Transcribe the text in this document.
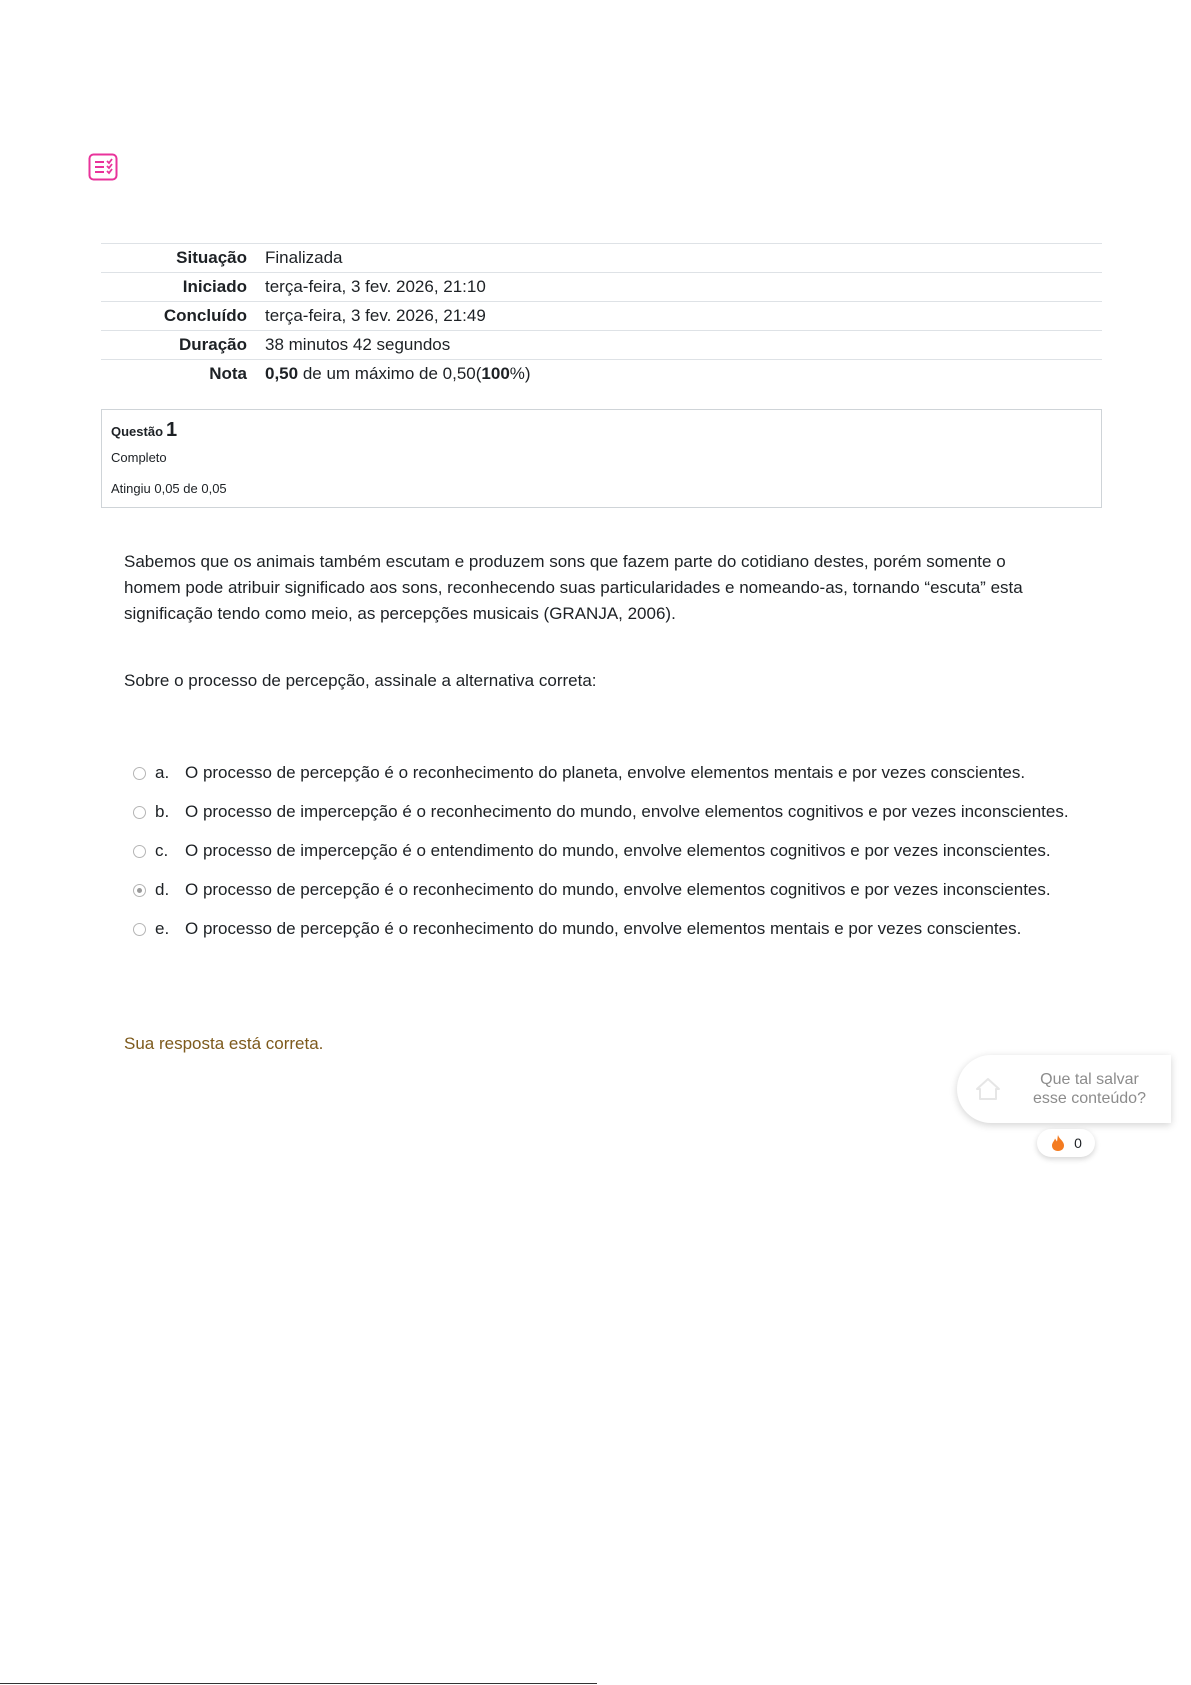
Situação	Finalizada
Iniciado	terça-feira, 3 fev. 2026, 21:10
Concluído	terça-feira, 3 fev. 2026, 21:49
Duração	38 minutos 42 segundos
Nota	0,50 de um máximo de 0,50(100%)
Questão 1
Completo
Atingiu 0,05 de 0,05
Sabemos que os animais também escutam e produzem sons que fazem parte do cotidiano destes, porém somente o homem pode atribuir significado aos sons, reconhecendo suas particularidades e nomeando-as, tornando “escuta” esta significação tendo como meio, as percepções musicais (GRANJA, 2006).
Sobre o processo de percepção, assinale a alternativa correta:
a. O processo de percepção é o reconhecimento do planeta, envolve elementos mentais e por vezes conscientes.
b. O processo de impercepção é o reconhecimento do mundo, envolve elementos cognitivos e por vezes inconscientes.
c. O processo de impercepção é o entendimento do mundo, envolve elementos cognitivos e por vezes inconscientes.
d. O processo de percepção é o reconhecimento do mundo, envolve elementos cognitivos e por vezes inconscientes.
e. O processo de percepção é o reconhecimento do mundo, envolve elementos mentais e por vezes conscientes.
Sua resposta está correta.
Que tal salvar
esse conteúdo?
0
